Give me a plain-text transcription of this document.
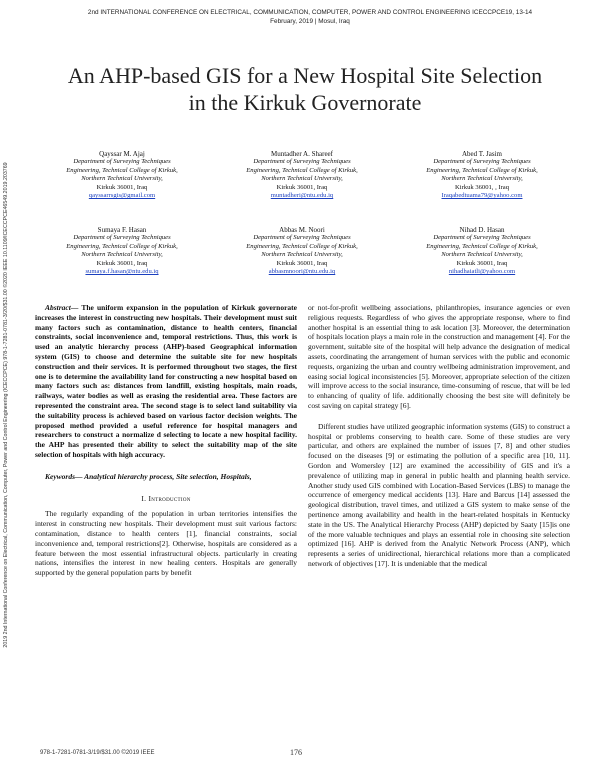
2nd INTERNATIONAL CONFERENCE ON ELECTRICAL, COMMUNICATION, COMPUTER, POWER AND CONTROL ENGINEERING ICECCPCE19, 13-14
February, 2019 | Mosul, Iraq
2019 2nd International Conference on Electrical, Communication, Computer, Power and Control Engineering (ICECCPCE) 978-1-7281-0781-3/20/$31.00 ©2020 IEEE 10.1109/ICECCPCE46549.2019.203769
An AHP-based GIS for a New Hospital Site Selection
in the Kirkuk Governorate
Qayssar M. Ajaj
Department of Surveying Techniques
Engineering, Technical College of Kirkuk,
Northern Technical University,
Kirkuk 36001, Iraq
qayssarrsgis@gmail.com
Muntadher A. Shareef
Department of Surveying Techniques
Engineering, Technical College of Kirkuk,
Northern Technical University,
Kirkuk 36001, Iraq
muntadheri@ntu.edu.iq
Abed T. Jasim
Department of Surveying Techniques
Engineering, Technical College of Kirkuk,
Northern Technical University,
Kirkuk 36001, , Iraq
Iraqabedtuama79@yahoo.com
Sumaya F. Hasan
Department of Surveying Techniques
Engineering, Technical College of Kirkuk,
Northern Technical University,
Kirkuk 36001, Iraq
sumaya.f.hasan@ntu.edu.iq
Abbas M. Noori
Department of Surveying Techniques
Engineering, Technical College of Kirkuk,
Northern Technical University,
Kirkuk 36001, Iraq
abbasmnoori@ntu.edu.iq
Nihad D. Hasan
Department of Surveying Techniques
Engineering, Technical College of Kirkuk,
Northern Technical University,
Kirkuk 36001, Iraq
nihadhaiatli@yahoo.com

Abstract— The uniform expansion in the population of Kirkuk governorate increases the interest in constructing new hospitals. Their development must suit many factors such as contamination, distance to health centers, financial constraints, social inconvenience and, temporal restrictions. Thus, this work is used an analytic hierarchy process (AHP)-based Geographical information system (GIS) to choose and determine the suitable site for new hospitals construction and their services. It is performed throughout two stages, the first one is to determine the availability land for constructing a new hospital based on many factors such as: distances from landfill, existing hospitals, main roads, railways, water bodies as well as erasing the residential area. These factors are represented the constraint area. The second stage is to select land suitability via the suitability process is achieved based on various factor decision weights. The proposed method provided a useful reference for hospital managers and researchers to construct a normalize d selecting to locate a new hospital facility. the AHP has presented their ability to select the suitability map of the site selection of hospitals with high accuracy.

Keywords— Analytical hierarchy process, Site selection, Hospitals,

I. Introduction

The regularly expanding of the population in urban territories intensifies the interest in constructing new hospitals. Their development must suit various factors: contamination, distance to health centers [1], financial constraints, social inconvenience and, temporal restrictions[2]. Otherwise, hospitals are considered as a feature between the most essential infrastructural objects. particularly in creating nations, intensifies the interest in new healing centers. Hospitals are generally supported by the general population parts by benefit

or not-for-profit wellbeing associations, philanthropies, insurance agencies or even religious requests. Regardless of who gives the appropriate response, where to find another hospital is an essential thing to ask location [3]. Moreover, the determination of hospitals location plays a main role in the construction and management [4]. For the government, suitable site of the hospital will help advance the designation of medical assets, coordinating the arrangement of human services with the public and economic requests, organizing the urban and country wellbeing administration improvement, and easing social logical inconsistencies [5]. Moreover, appropriate selection of the citizen will improve access to the social insurance, time-consuming of rescue, that will be led to enhancing of quality of life. additionally choosing the best site will definitely be cost saving on capital strategy [6].

Different studies have utilized geographic information systems (GIS) to construct a hospital or problems conserving to health care. Some of these studies are very particular, and others are explained the number of issues [7, 8] and other studies focused on the diseases [9] or estimating the pollution of a specific area [10, 11]. Gordon and Womersley [12] are examined the accessibility of GIS and it's a prevalence of utilizing map in general in public health and planning health service. Another study used GIS combined with Location-Based Services (LBS) to manage the occurrence of emergency medical accidents [13]. Hare and Barcus [14] assessed the geological distribution, travel times, and utilized a GIS system to make sense of the pertinence among availability and health in the heart-related hospitals in Kentucky state in the US. The Analytical Hierarchy Process (AHP) depicted by Saaty [15]is one of the more valuable techniques and plays an essential role in choosing site selection optimized [16]. AHP is derived from the Analytic Network Process (ANP), which represents a series of unidirectional, hierarchical relations more than a complicated network of objectives [17]. It is undeniable that the medical

978-1-7281-0781-3/19/$31.00 ©2019 IEEE	176
